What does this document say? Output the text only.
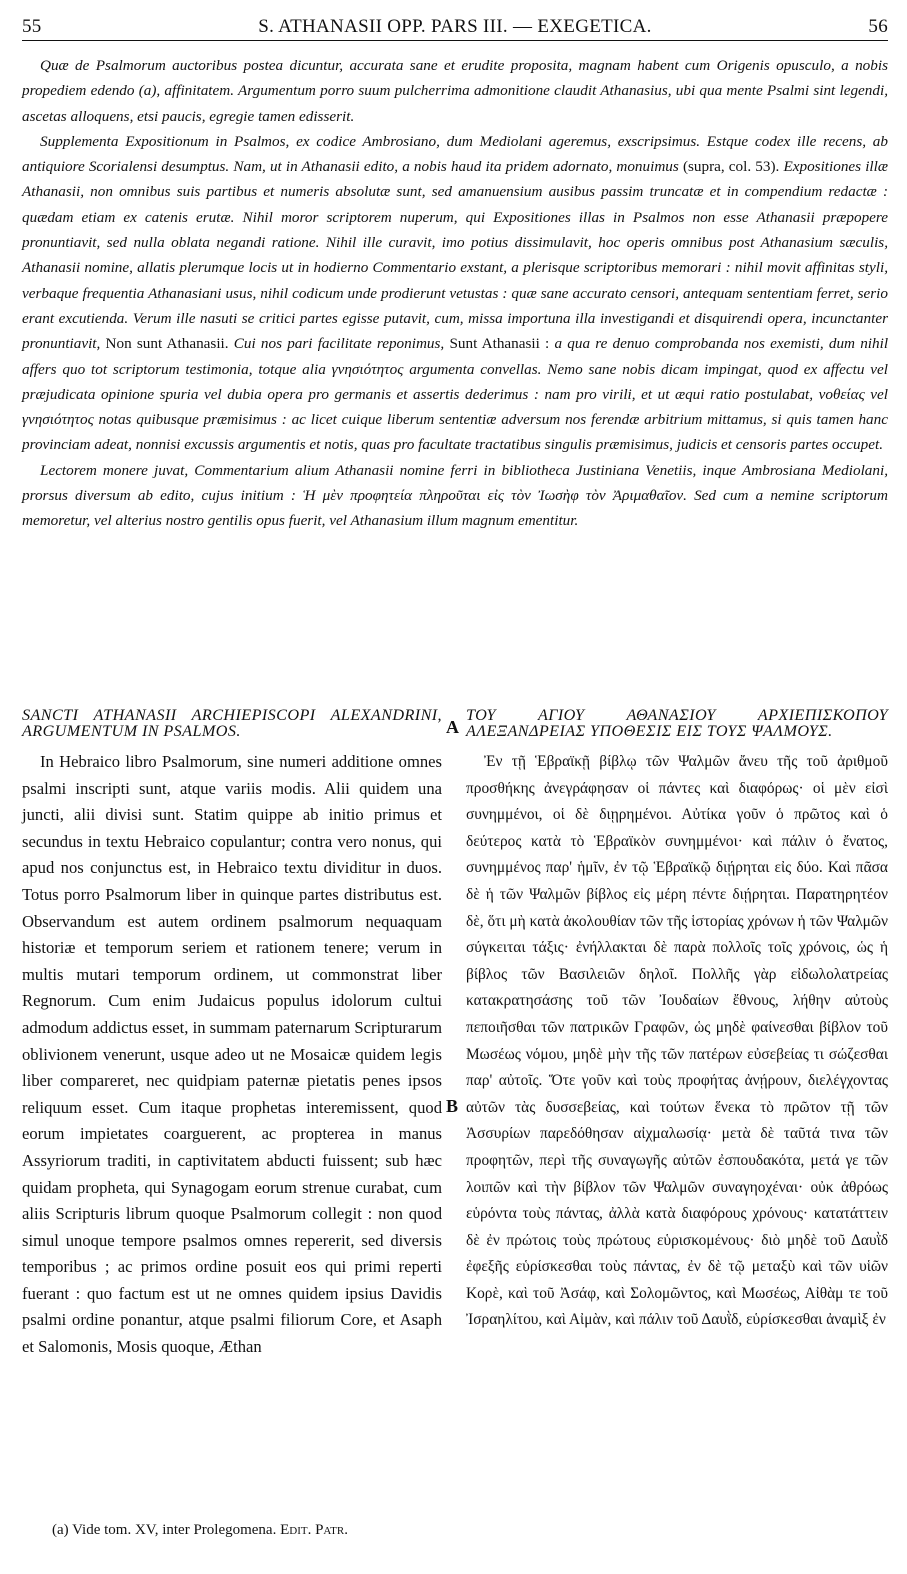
55	S. ATHANASII OPP. PARS III. — EXEGETICA.	56

Quæ de Psalmorum auctoribus postea dicuntur, accurata sane et erudite proposita, magnam habent cum Origenis opusculo, a nobis propediem edendo (a), affinitatem. Argumentum porro suum pulcherrima admonitione claudit Athanasius, ubi qua mente Psalmi sint legendi, ascetas alloquens, etsi paucis, egregie tamen edisserit.

Supplementa Expositionum in Psalmos, ex codice Ambrosiano, dum Mediolani ageremus, exscripsimus. Estque codex ille recens, ab antiquiore Scorialensi desumptus. Nam, ut in Athanasii edito, a nobis haud ita pridem adornato, monuimus (supra, col. 53). Expositiones illæ Athanasii, non omnibus suis partibus et numeris absolutæ sunt, sed amanuensium ausibus passim truncatæ et in compendium redactæ : quædam etiam ex catenis erutæ. Nihil moror scriptorem nuperum, qui Expositiones illas in Psalmos non esse Athanasii præpopere pronuntiavit, sed nulla oblata negandi ratione. Nihil ille curavit, imo potius dissimulavit, hoc operis omnibus post Athanasium sæculis, Athanasii nomine, allatis plerumque locis ut in hodierno Commentario exstant, a plerisque scriptoribus memorari : nihil movit affinitas styli, verbaque frequentia Athanasiani usus, nihil codicum unde prodierunt vetustas : quæ sane accurato censori, antequam sententiam ferret, serio erant excutienda. Verum ille nasuti se critici partes egisse putavit, cum, missa importuna illa investigandi et disquirendi opera, incunctanter pronuntiavit, Non sunt Athanasii. Cui nos pari facilitate reponimus, Sunt Athanasii : a qua re denuo comprobanda nos exemisti, dum nihil affers quo tot scriptorum testimonia, totque alia γνησιότητος argumenta convellas. Nemo sane nobis dicam impingat, quod ex affectu vel præjudicata opinione spuria vel dubia opera pro germanis et assertis dederimus : nam pro virili, et ut æqui ratio postulabat, νοθείας vel γνησιότητος notas quibusque præmisimus : ac licet cuique liberum sententiæ adversum nos ferendæ arbitrium mittamus, si quis tamen hanc provinciam adeat, nonnisi excussis argumentis et notis, quas pro facultate tractatibus singulis præmisimus, judicis et censoris partes occupet.

Lectorem monere juvat, Commentarium alium Athanasii nomine ferri in bibliotheca Justiniana Venetiis, inque Ambrosiana Mediolani, prorsus diversum ab edito, cujus initium : Ἡ μὲν προφητεία πληροῦται εἰς τὸν Ἰωσὴφ τὸν Ἀριμαθαῖον. Sed cum a nemine scriptorum memoretur, vel alterius nostro gentilis opus fuerit, vel Athanasium illum magnum ementitur.

SANCTI ATHANASII ARCHIEPISCOPI ALEXANDRINI, ARGUMENTUM IN PSALMOS.

In Hebraico libro Psalmorum, sine numeri additione omnes psalmi inscripti sunt, atque variis modis. Alii quidem una juncti, alii divisi sunt. Statim quippe ab initio primus et secundus in textu Hebraico copulantur; contra vero nonus, qui apud nos conjunctus est, in Hebraico textu dividitur in duos. Totus porro Psalmorum liber in quinque partes distributus est. Observandum est autem ordinem psalmorum nequaquam historiæ et temporum seriem et rationem tenere; verum in multis mutari temporum ordinem, ut commonstrat liber Regnorum. Cum enim Judaicus populus idolorum cultui admodum addictus esset, in summam paternarum Scripturarum oblivionem venerunt, usque adeo ut ne Mosaicæ quidem legis liber compareret, nec quidpiam paternæ pietatis penes ipsos reliquum esset. Cum itaque prophetas interemissent, quod eorum impietates coarguerent, ac propterea in manus Assyriorum traditi, in captivitatem abducti fuissent; sub hæc quidam propheta, qui Synagogam eorum strenue curabat, cum aliis Scripturis librum quoque Psalmorum collegit : non quod simul unoque tempore psalmos omnes repererit, sed diversis temporibus ; ac primos ordine posuit eos qui primi reperti fuerant : quo factum est ut ne omnes quidem ipsius Davidis psalmi ordine ponantur, atque psalmi filiorum Core, et Asaph et Salomonis, Mosis quoque, Æthan

A
B
ΤΟΥ ΑΓΙΟΥ ΑΘΑΝΑΣΙΟΥ ΑΡΧΙΕΠΙΣΚΟΠΟΥ ΑΛΕΞΑΝΔΡΕΙΑΣ ΥΠΟΘΕΣΙΣ ΕΙΣ ΤΟΥΣ ΨΑΛΜΟΥΣ.

Ἐν τῇ Ἑβραϊκῇ βίβλῳ τῶν Ψαλμῶν ἄνευ τῆς τοῦ ἀριθμοῦ προσθήκης ἀνεγράφησαν οἱ πάντες καὶ διαφόρως· οἱ μὲν εἰσὶ συνημμένοι, οἱ δὲ διῃρημένοι. Αὐτίκα γοῦν ὁ πρῶτος καὶ ὁ δεύτερος κατὰ τὸ Ἑβραϊκὸν συνημμένοι· καὶ πάλιν ὁ ἔνατος, συνημμένος παρ' ἡμῖν, ἐν τῷ Ἑβραϊκῷ διῄρηται εἰς δύο. Καὶ πᾶσα δὲ ἡ τῶν Ψαλμῶν βίβλος εἰς μέρη πέντε διῄρηται. Παρατηρητέον δὲ, ὅτι μὴ κατὰ ἀκολουθίαν τῶν τῆς ἱστορίας χρόνων ἡ τῶν Ψαλμῶν σύγκειται τάξις· ἐνήλλακται δὲ παρὰ πολλοῖς τοῖς χρόνοις, ὡς ἡ βίβλος τῶν Βασιλειῶν δηλοῖ. Πολλῆς γὰρ εἰδωλολατρείας κατακρατησάσης τοῦ τῶν Ἰουδαίων ἔθνους, λήθην αὐτοὺς πεποιῆσθαι τῶν πατρικῶν Γραφῶν, ὡς μηδὲ φαίνεσθαι βίβλον τοῦ Μωσέως νόμου, μηδὲ μὴν τῆς τῶν πατέρων εὐσεβείας τι σώζεσθαι παρ' αὐτοῖς. Ὅτε γοῦν καὶ τοὺς προφήτας ἀνῄρουν, διελέγχοντας αὐτῶν τὰς δυσσεβείας, καὶ τούτων ἕνεκα τὸ πρῶτον τῇ τῶν Ἀσσυρίων παρεδόθησαν αἰχμαλωσίᾳ· μετὰ δὲ ταῦτά τινα τῶν προφητῶν, περὶ τῆς συναγωγῆς αὐτῶν ἐσπουδακότα, μετά γε τῶν λοιπῶν καὶ τὴν βίβλον τῶν Ψαλμῶν συναγηοχέναι· οὐκ ἀθρόως εὑρόντα τοὺς πάντας, ἀλλὰ κατὰ διαφόρους χρόνους· κατατάττειν δὲ ἐν πρώτοις τοὺς πρώτους εὑρισκομένους· διὸ μηδὲ τοῦ Δαυῒδ ἐφεξῆς εὑρίσκεσθαι τοὺς πάντας, ἐν δὲ τῷ μεταξὺ καὶ τῶν υἱῶν Κορὲ, καὶ τοῦ Ἀσάφ, καὶ Σολομῶντος, καὶ Μωσέως, Αἰθὰμ τε τοῦ Ἰσραηλίτου, καὶ Αἰμὰν, καὶ πάλιν τοῦ Δαυῒδ, εὑρίσκεσθαι ἀναμὶξ ἐν

(a) Vide tom. XV, inter Prolegomena. Edit. Patr.
